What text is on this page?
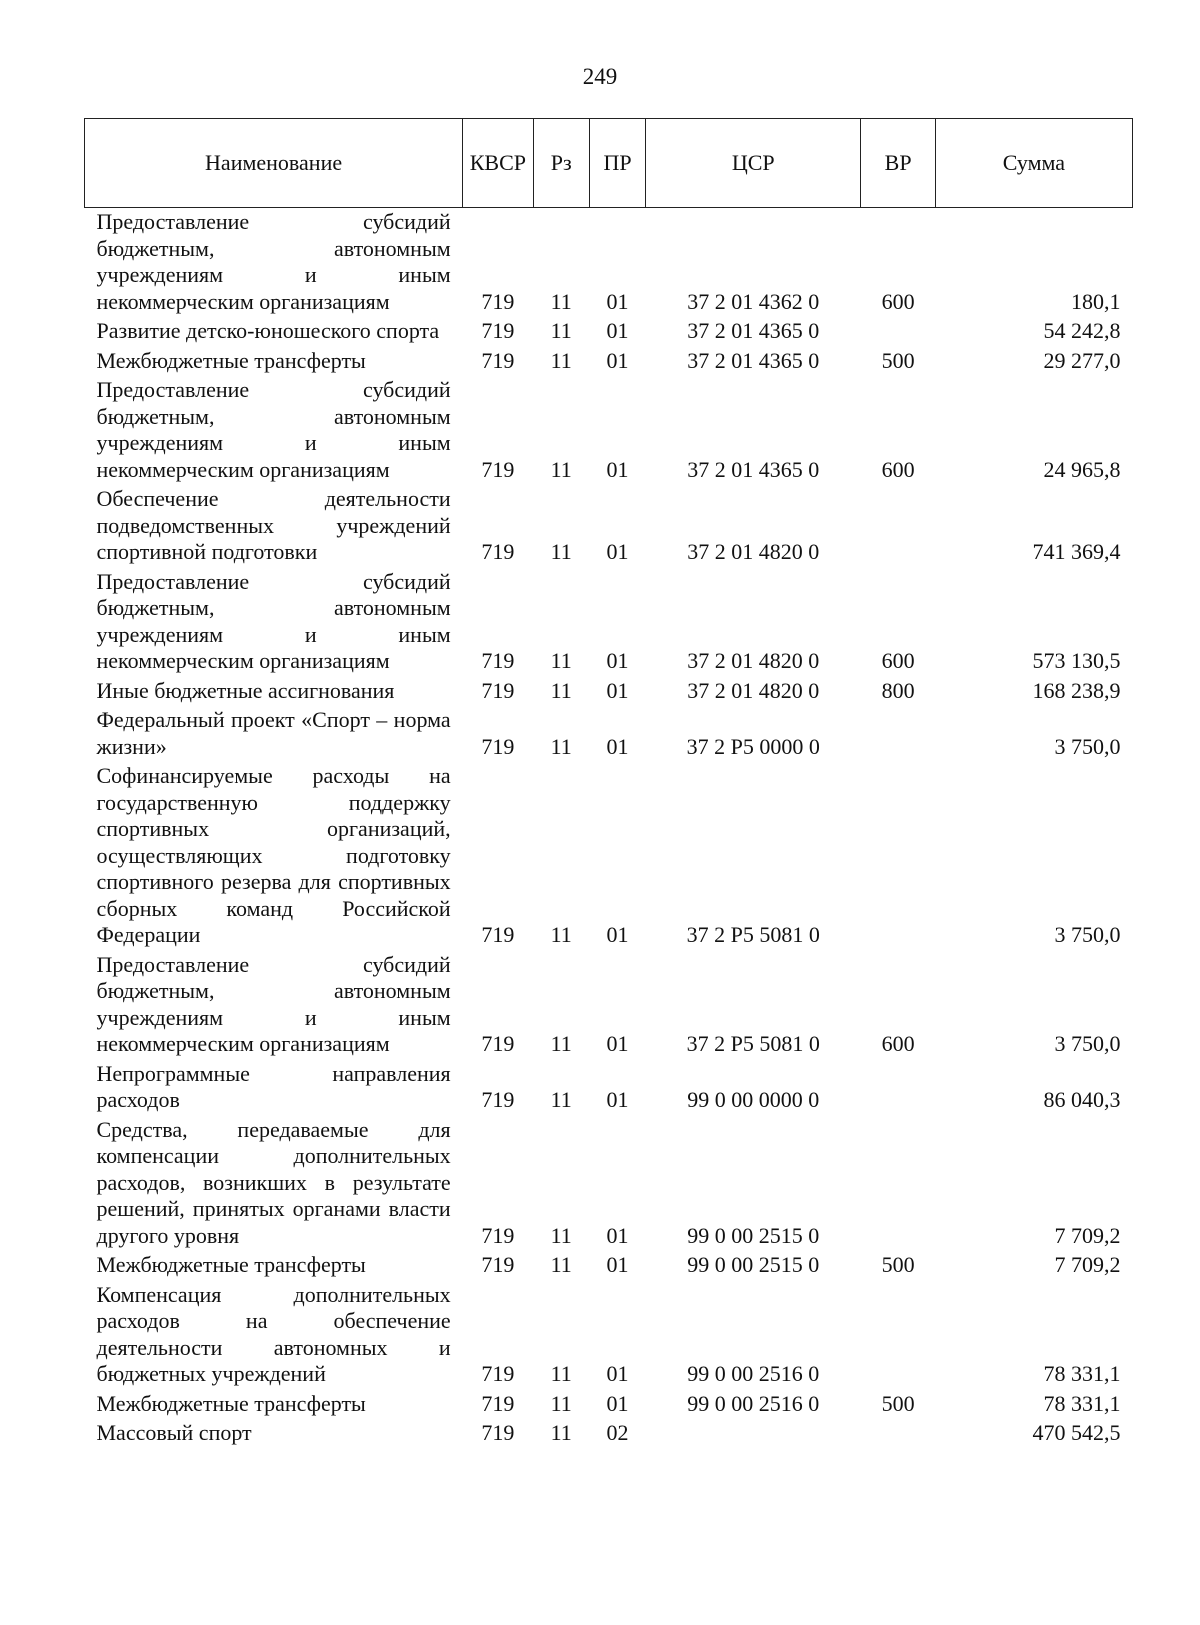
249
Наименование	КВСР	Рз	ПР	ЦСР	ВР	Сумма
Предоставление субсидий бюджетным, автономным учреждениям и иным некоммерческим организациям	719	11	01	37 2 01 4362 0	600	180,1
Развитие детско-юношеского спорта	719	11	01	37 2 01 4365 0		54 242,8
Межбюджетные трансферты	719	11	01	37 2 01 4365 0	500	29 277,0
Предоставление субсидий бюджетным, автономным учреждениям и иным некоммерческим организациям	719	11	01	37 2 01 4365 0	600	24 965,8
Обеспечение деятельности подведомственных учреждений спортивной подготовки	719	11	01	37 2 01 4820 0		741 369,4
Предоставление субсидий бюджетным, автономным учреждениям и иным некоммерческим организациям	719	11	01	37 2 01 4820 0	600	573 130,5
Иные бюджетные ассигнования	719	11	01	37 2 01 4820 0	800	168 238,9
Федеральный проект «Спорт – норма жизни»	719	11	01	37 2 P5 0000 0		3 750,0
Софинансируемые расходы на государственную поддержку спортивных организаций, осуществляющих подготовку спортивного резерва для спортивных сборных команд Российской Федерации	719	11	01	37 2 P5 5081 0		3 750,0
Предоставление субсидий бюджетным, автономным учреждениям и иным некоммерческим организациям	719	11	01	37 2 P5 5081 0	600	3 750,0
Непрограммные направления расходов	719	11	01	99 0 00 0000 0		86 040,3
Средства, передаваемые для компенсации дополнительных расходов, возникших в результате решений, принятых органами власти другого уровня	719	11	01	99 0 00 2515 0		7 709,2
Межбюджетные трансферты	719	11	01	99 0 00 2515 0	500	7 709,2
Компенсация дополнительных расходов на обеспечение деятельности автономных и бюджетных учреждений	719	11	01	99 0 00 2516 0		78 331,1
Межбюджетные трансферты	719	11	01	99 0 00 2516 0	500	78 331,1
Массовый спорт	719	11	02			470 542,5
